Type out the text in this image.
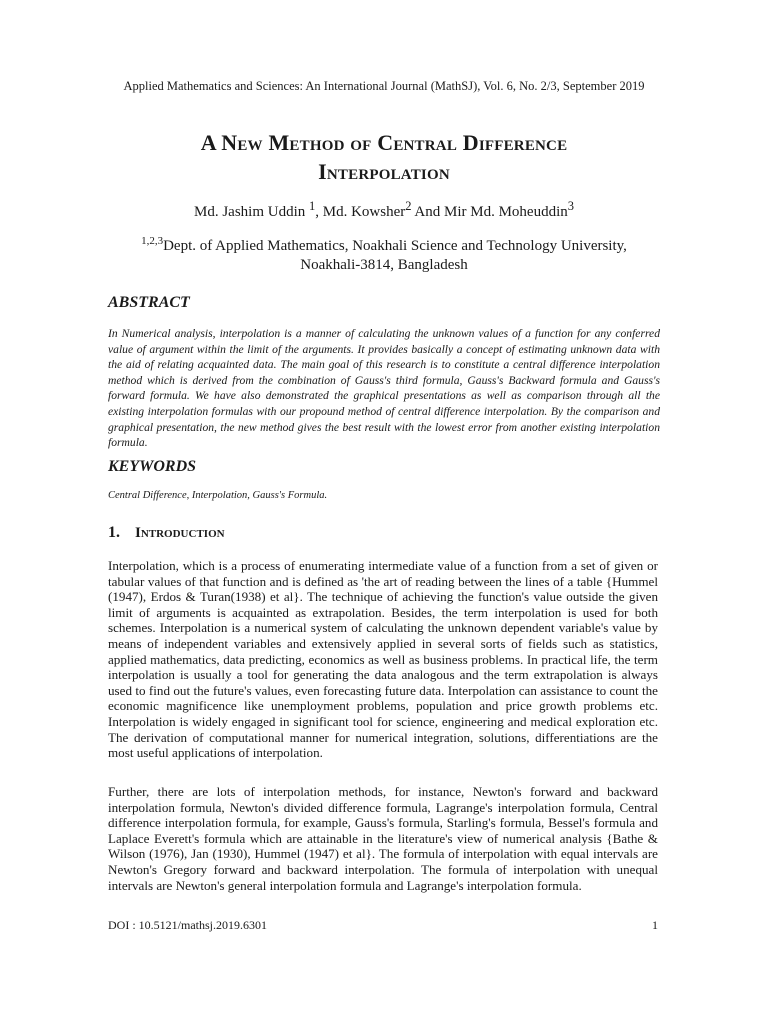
Applied Mathematics and Sciences: An International Journal (MathSJ), Vol. 6, No. 2/3, September 2019
A New Method of Central Difference
Interpolation
Md. Jashim Uddin $^1$, Md. Kowsher$^2$ And Mir Md. Moheuddin$^3$
$^{1,2,3}$Dept. of Applied Mathematics, Noakhali Science and Technology University,
Noakhali-3814, Bangladesh
ABSTRACT
In Numerical analysis, interpolation is a manner of calculating the unknown values of a function for any conferred value of argument within the limit of the arguments. It provides basically a concept of estimating unknown data with the aid of relating acquainted data. The main goal of this research is to constitute a central difference interpolation method which is derived from the combination of Gauss's third formula, Gauss's Backward formula and Gauss's forward formula. We have also demonstrated the graphical presentations as well as comparison through all the existing interpolation formulas with our propound method of central difference interpolation. By the comparison and graphical presentation, the new method gives the best result with the lowest error from another existing interpolation formula.
KEYWORDS
Central Difference, Interpolation, Gauss's Formula.
1. Introduction
Interpolation, which is a process of enumerating intermediate value of a function from a set of given or tabular values of that function and is defined as 'the art of reading between the lines of a table {Hummel (1947), Erdos & Turan(1938) et al}. The technique of achieving the function's value outside the given limit of arguments is acquainted as extrapolation. Besides, the term interpolation is used for both schemes. Interpolation is a numerical system of calculating the unknown dependent variable's value by means of independent variables and extensively applied in several sorts of fields such as statistics, applied mathematics, data predicting, economics as well as business problems. In practical life, the term interpolation is usually a tool for generating the data analogous and the term extrapolation is always used to find out the future's values, even forecasting future data. Interpolation can assistance to count the economic magnificence like unemployment problems, population and price growth problems etc. Interpolation is widely engaged in significant tool for science, engineering and medical exploration etc. The derivation of computational manner for numerical integration, solutions, differentiations are the most useful applications of interpolation.
Further, there are lots of interpolation methods, for instance, Newton's forward and backward interpolation formula, Newton's divided difference formula, Lagrange's interpolation formula, Central difference interpolation formula, for example, Gauss's formula, Starling's formula, Bessel's formula and Laplace Everett's formula which are attainable in the literature's view of numerical analysis {Bathe & Wilson (1976), Jan (1930), Hummel (1947) et al}. The formula of interpolation with equal intervals are Newton's Gregory forward and backward interpolation. The formula of interpolation with unequal intervals are Newton's general interpolation formula and Lagrange's interpolation formula.
DOI : 10.5121/mathsj.2019.6301	1
